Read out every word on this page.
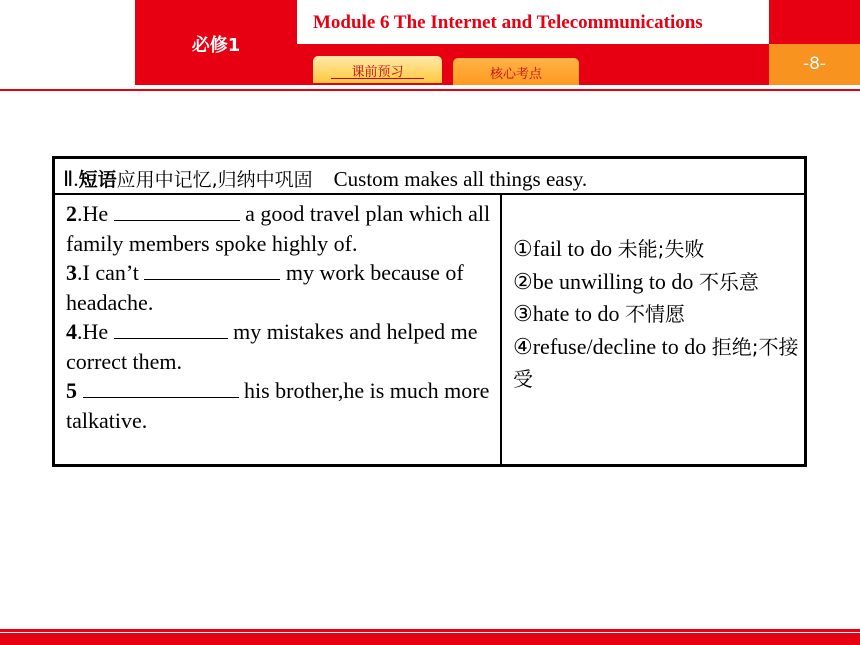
必修1
Module 6 The Internet and Telecommunications
-8-
课前预习	核心考点
Ⅱ.短语应用中记忆,归纳中巩固 Custom makes all things easy.

2.He	a good travel plan which all family members spoke highly of.

3.I can’t	my work because of headache.

4.He	my mistakes and helped me correct them.

5	his brother,he is much more talkative.

①fail to do 未能;失败

②be unwilling to do 不乐意

③hate to do 不情愿

④refuse/decline to do 拒绝;不接受
